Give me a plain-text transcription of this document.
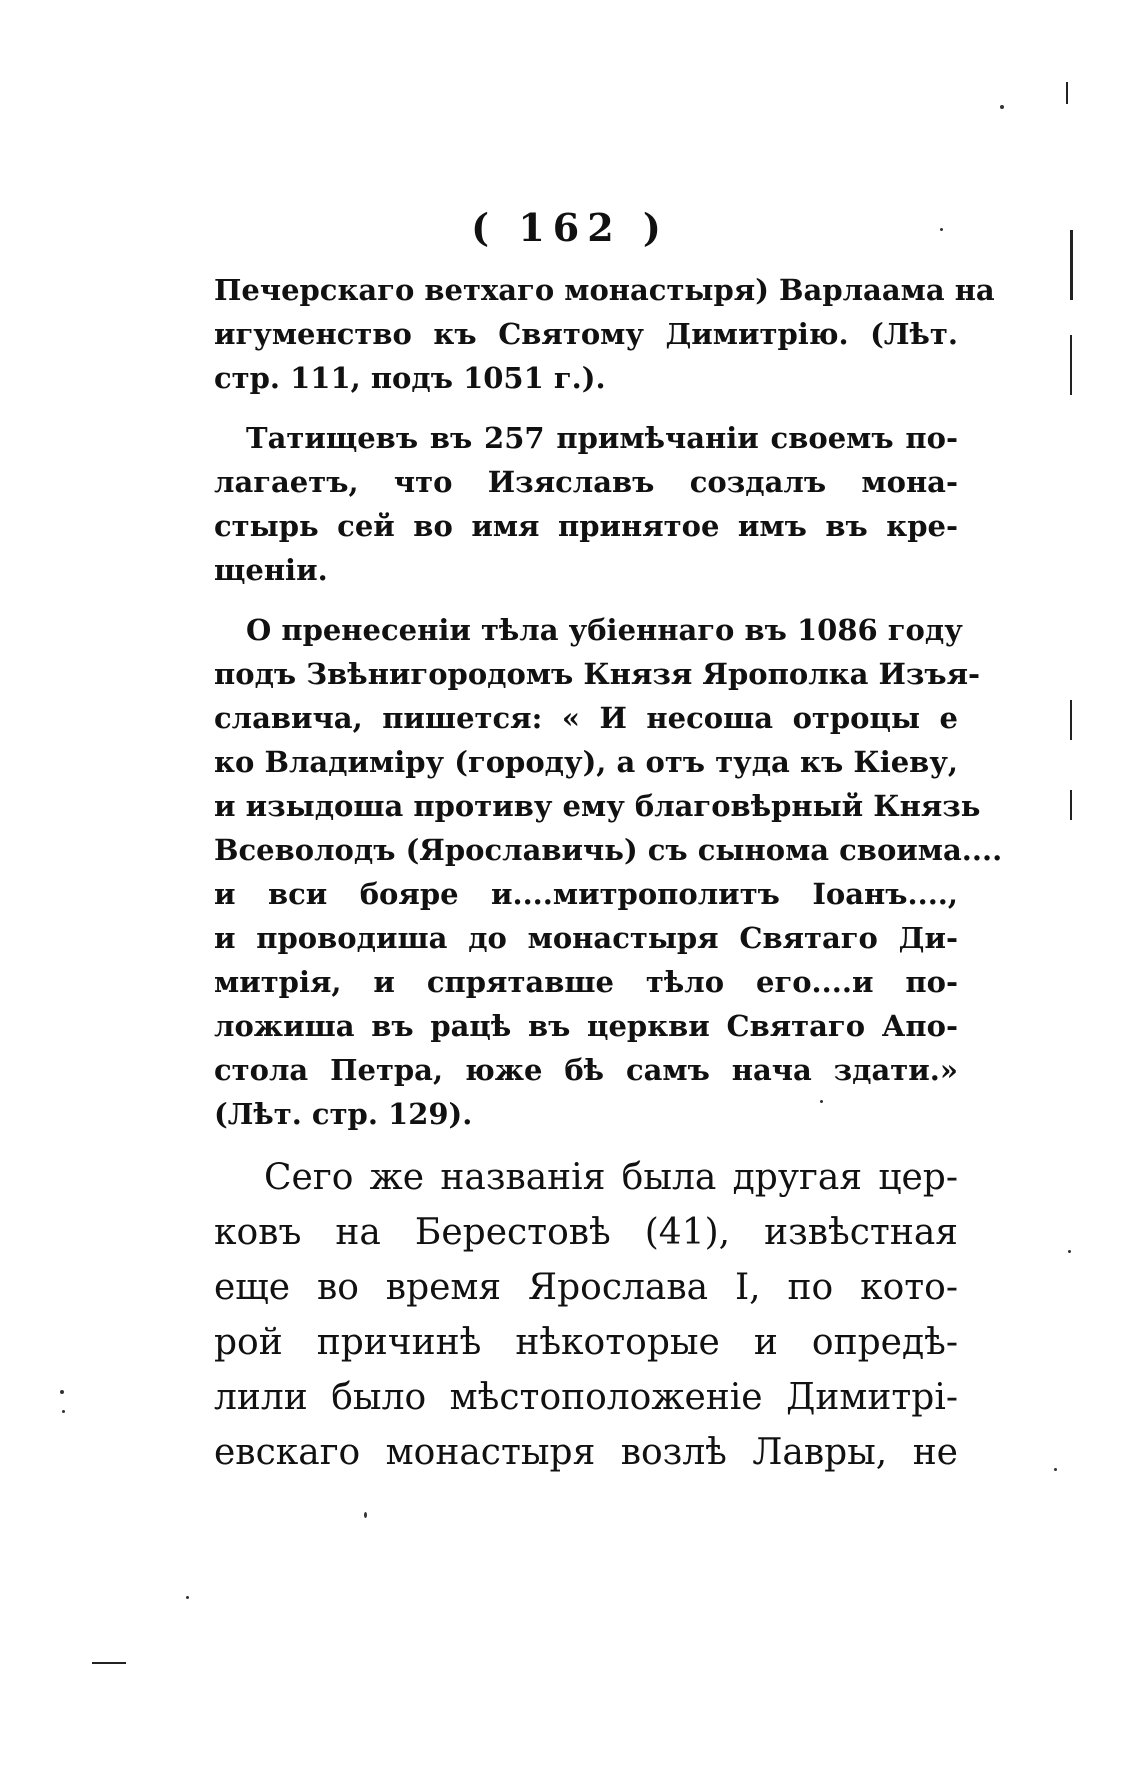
( 162 )
Печерскаго ветхаго монастыря) Варлаама на
игуменство къ Святому Димитрію. (Лѣт.
стр. 111, подъ 1051 г.).
Татищевъ въ 257 примѣчаніи своемъ по-
лагаетъ, что Изяславъ создалъ мона-
стырь сей во имя принятое имъ въ кре-
щеніи.
О пренесеніи тѣла убіеннаго въ 1086 году
подъ Звѣнигородомъ Князя Ярополка Изъя-
славича, пишется: « И несоша отроцы е
ко Владиміру (городу), а отъ туда къ Кіеву,
и изыдоша противу ему благовѣрный Князь
Всеволодъ (Ярославичь) съ сынома своима....
и вси бояре и....митрополитъ Іоанъ....,
и проводиша до монастыря Святаго Ди-
митрія, и спрятавше тѣло его....и по-
ложиша въ рацѣ въ церкви Святаго Апо-
стола Петра, юже бѣ самъ нача здати.»
(Лѣт. стр. 129).
Сего же названія была другая цер-
ковъ на Берестовѣ (41), извѣстная
еще во время Ярослава I, по кото-
рой причинѣ нѣкоторые и опредѣ-
лили было мѣстоположеніе Димитрі-
евскаго монастыря возлѣ Лавры, не
